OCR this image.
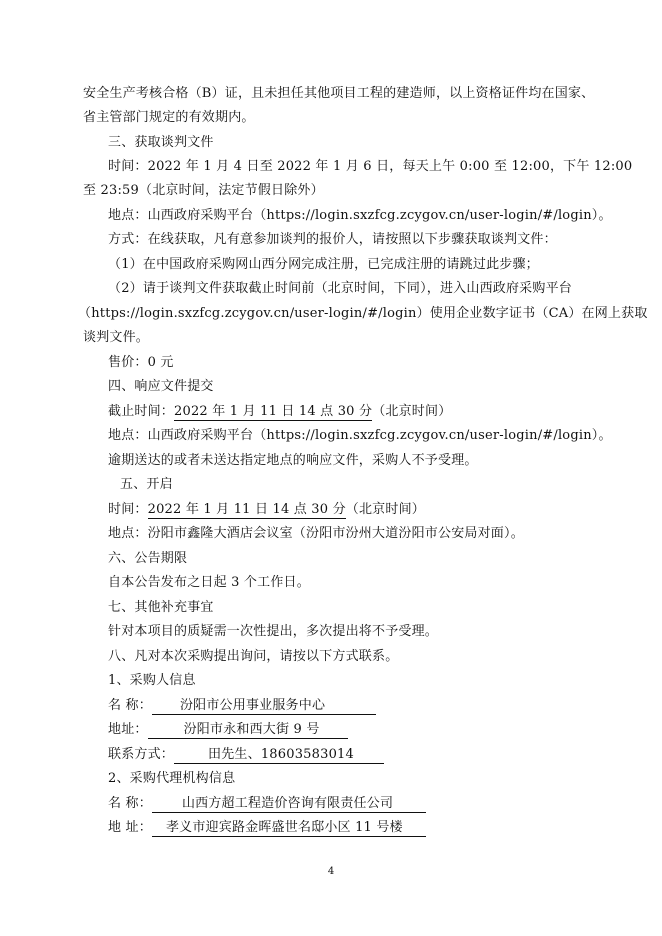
安全生产考核合格（B）证，且未担任其他项目工程的建造师，以上资格证件均在国家、
省主管部门规定的有效期内。
三、获取谈判文件
时间：2022 年 1 月 4 日至 2022 年 1 月 6 日，每天上午 0:00 至 12:00，下午 12:00
至 23:59（北京时间，法定节假日除外）
地点：山西政府采购平台（https://login.sxzfcg.zcygov.cn/user-login/#/login）。
方式：在线获取，凡有意参加谈判的报价人，请按照以下步骤获取谈判文件：
（1）在中国政府采购网山西分网完成注册，已完成注册的请跳过此步骤；
（2）请于谈判文件获取截止时间前（北京时间，下同），进入山西政府采购平台
（https://login.sxzfcg.zcygov.cn/user-login/#/login）使用企业数字证书（CA）在网上获取
谈判文件。
售价：0 元
四、响应文件提交
截止时间：2022 年 1 月 11 日 14 点 30 分（北京时间）
地点：山西政府采购平台（https://login.sxzfcg.zcygov.cn/user-login/#/login）。
逾期送达的或者未送达指定地点的响应文件，采购人不予受理。
五、开启
时间：2022 年 1 月 11 日 14 点 30 分（北京时间）
地点：汾阳市鑫隆大酒店会议室（汾阳市汾州大道汾阳市公安局对面）。
六、公告期限
自本公告发布之日起 3 个工作日。
七、其他补充事宜
针对本项目的质疑需一次性提出，多次提出将不予受理。
八、凡对本次采购提出询问，请按以下方式联系。
1、采购人信息
名 称： 汾阳市公用事业服务中心
地址：	汾阳市永和西大街 9 号
联系方式：	田先生、18603583014
2、采购代理机构信息
名 称： 山西方超工程造价咨询有限责任公司
地 址： 孝义市迎宾路金晖盛世名邸小区 11 号楼
4
